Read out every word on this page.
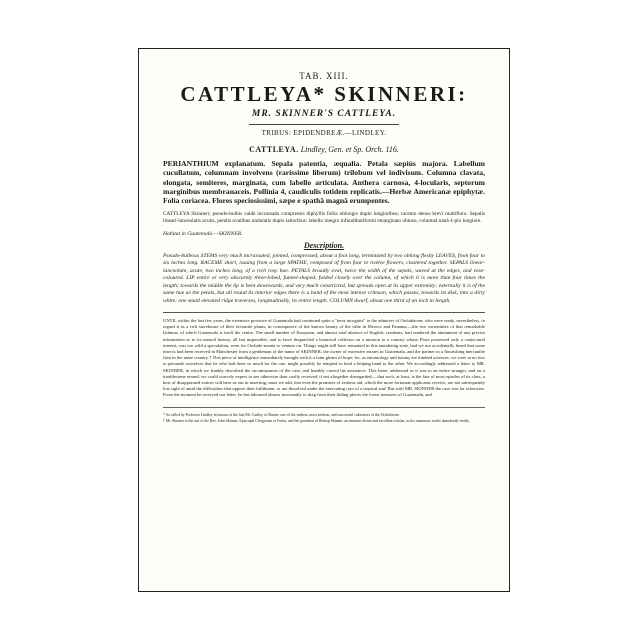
TAB. XIII.
CATTLEYA* SKINNERI:
MR. SKINNER'S CATTLEYA.
TRIBUS: EPIDENDREÆ.—LINDLEY.
CATTLEYA. Lindley, Gen. et Sp. Orch. 116.
PERIANTHIUM explanatum. Sepala patentia, æqualia. Petala sæpiùs majora. Labellum cucullatum, columnam involvens (rarissime liberum) trilobum vel indivisum. Columna clavata, elongata, semiteres, marginata, cum labello articulata. Anthera carnosa, 4-locularis, septorum marginibus membranaceis. Pollinia 4, caudiculis totidem replicatis.—Herbæ Americanæ epiphytæ. Folia coriacea. Flores speciosissimi, sæpe e spathâ magnâ erumpentes.
CATTLEYA Skinneri; pseudo-bulbis valdè incrassatis compressis diphyllis foliis oblongis duplo longioribus; racemo denso brevi multifloro. Sepalis lineari-lanceolatis acutis, petalis ovalibus undulatis duplo latioribus: labello integro infundibuliformi emarginato obtuso, columnâ nanâ 4-plo longiore.
Habitat in Guatemalâ.—SKINNER.
Description.
Pseudo-bulbous STEMS very much incrassated, jointed, compressed, about a foot long, terminated by two oblong fleshy LEAVES, from four to six inches long. RACEME short, issuing from a large SPATHE, composed of from four to twelve flowers, clustered together. SEPALS linear-lanceolate, acute, two inches long, of a rich rosy hue. PETALS broadly oval, twice the width of the sepals, waved at the edges, and rose-coloured. LIP entire or very obscurely three-lobed, funnel-shaped, folded closely over the column, of which it is more than four times the length; towards the middle the lip is bent downwards, and very much constricted, but spreads open at its upper extremity; externally it is of the same hue as the petals, but all round its interior edges there is a band of the most intense crimson, which passes, towards its disk, into a dirty white; one small elevated ridge traverses, longitudinally, its entire length. COLUMN dwarf, about one third of an inch in length.
UNTIL within the last few years, the extensive province of Guatemala had continued quite a "terra incognita" to the admirers of Orchidaceæ, who were ready, nevertheless, to regard it as a rich storehouse of their favourite plants, in consequence of the known beauty of the tribe in Mexico and Panama,—the two extremities of that remarkable Isthmus, of which Guatemala is itself the centre. The small number of European, and almost total absence of English, residents, had rendered the attainment of any precise information as to its natural history, all but impossible; and to have despatched a botanical collector on a mission to a country whose Flora possessed only a conjectural interest, was too wild a speculation, even for Orchido-mania to venture on. Things might still have remained in this tantalizing state, had we not accidentally heard that some insects had been received in Manchester from a gentleman of the name of SKINNER, the owner of extensive estates in Guatemala, and the partner in a flourishing mercantile firm in the same country.† This piece of intelligence immediately brought with it a faint gleam of hope; for, as entomology and botany are kindred sciences, we were at no loss to persuade ourselves that he who had done so much for the one, might possibly be tempted to lend a helping hand to the other. We accordingly addressed a letter to MR. SKINNER, in which we frankly described the circumstances of the case, and humbly craved his assistance. This letter, addressed as it was to an entire stranger, and on a troublesome errand, we could scarcely expect to see otherwise than coolly received, if not altogether disregarded;—that such, at least, is the fate of most epistles of its class, a host of disappointed suitors will bear us out in asserting; must we add, that even the promises of zealous aid, which the more fortunate applicants receive, are not unfrequently lost sight of amid the difficulties that oppose their fulfilment, or are dissolved under the enervating rays of a tropical sun! But with MR. SKINNER the case was far otherwise. From the moment he received our letter, he has laboured almost incessantly to drag from their hiding places the forest treasures of Guatemala, and
* So called by Professor Lindley in honour of the late Mr. Cattley, of Barnet, one of the earliest, most zealous, and successful cultivators of the Orchidaceæ.
† Mr. Skinner is the son of the Rev. John Skinner, Episcopal Clergyman at Forfar, and the grandson of Bishop Skinner, an eminent divine and excellent scholar, as his numerous works abundantly testify.
